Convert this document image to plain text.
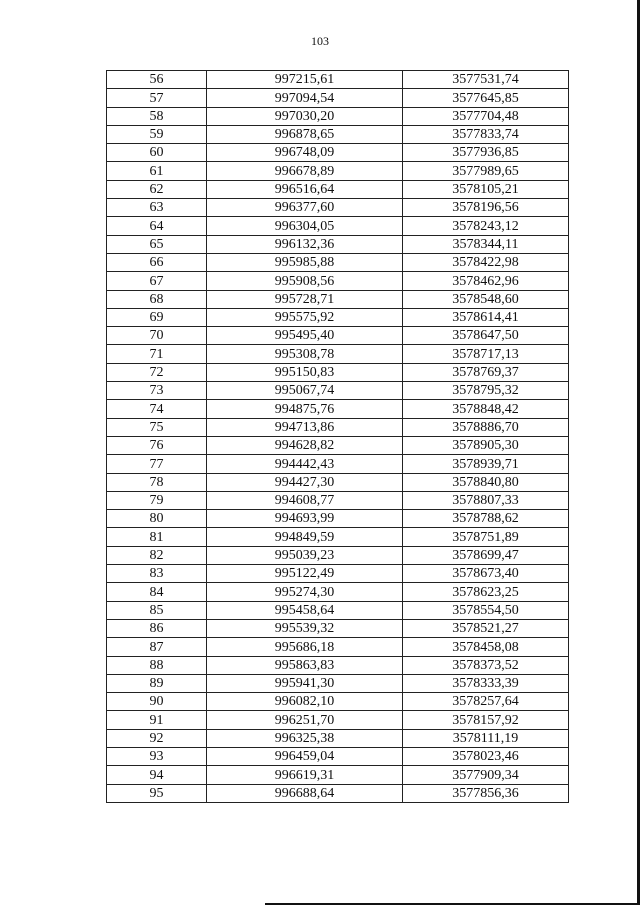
103
56	997215,61	3577531,74
57	997094,54	3577645,85
58	997030,20	3577704,48
59	996878,65	3577833,74
60	996748,09	3577936,85
61	996678,89	3577989,65
62	996516,64	3578105,21
63	996377,60	3578196,56
64	996304,05	3578243,12
65	996132,36	3578344,11
66	995985,88	3578422,98
67	995908,56	3578462,96
68	995728,71	3578548,60
69	995575,92	3578614,41
70	995495,40	3578647,50
71	995308,78	3578717,13
72	995150,83	3578769,37
73	995067,74	3578795,32
74	994875,76	3578848,42
75	994713,86	3578886,70
76	994628,82	3578905,30
77	994442,43	3578939,71
78	994427,30	3578840,80
79	994608,77	3578807,33
80	994693,99	3578788,62
81	994849,59	3578751,89
82	995039,23	3578699,47
83	995122,49	3578673,40
84	995274,30	3578623,25
85	995458,64	3578554,50
86	995539,32	3578521,27
87	995686,18	3578458,08
88	995863,83	3578373,52
89	995941,30	3578333,39
90	996082,10	3578257,64
91	996251,70	3578157,92
92	996325,38	3578111,19
93	996459,04	3578023,46
94	996619,31	3577909,34
95	996688,64	3577856,36
